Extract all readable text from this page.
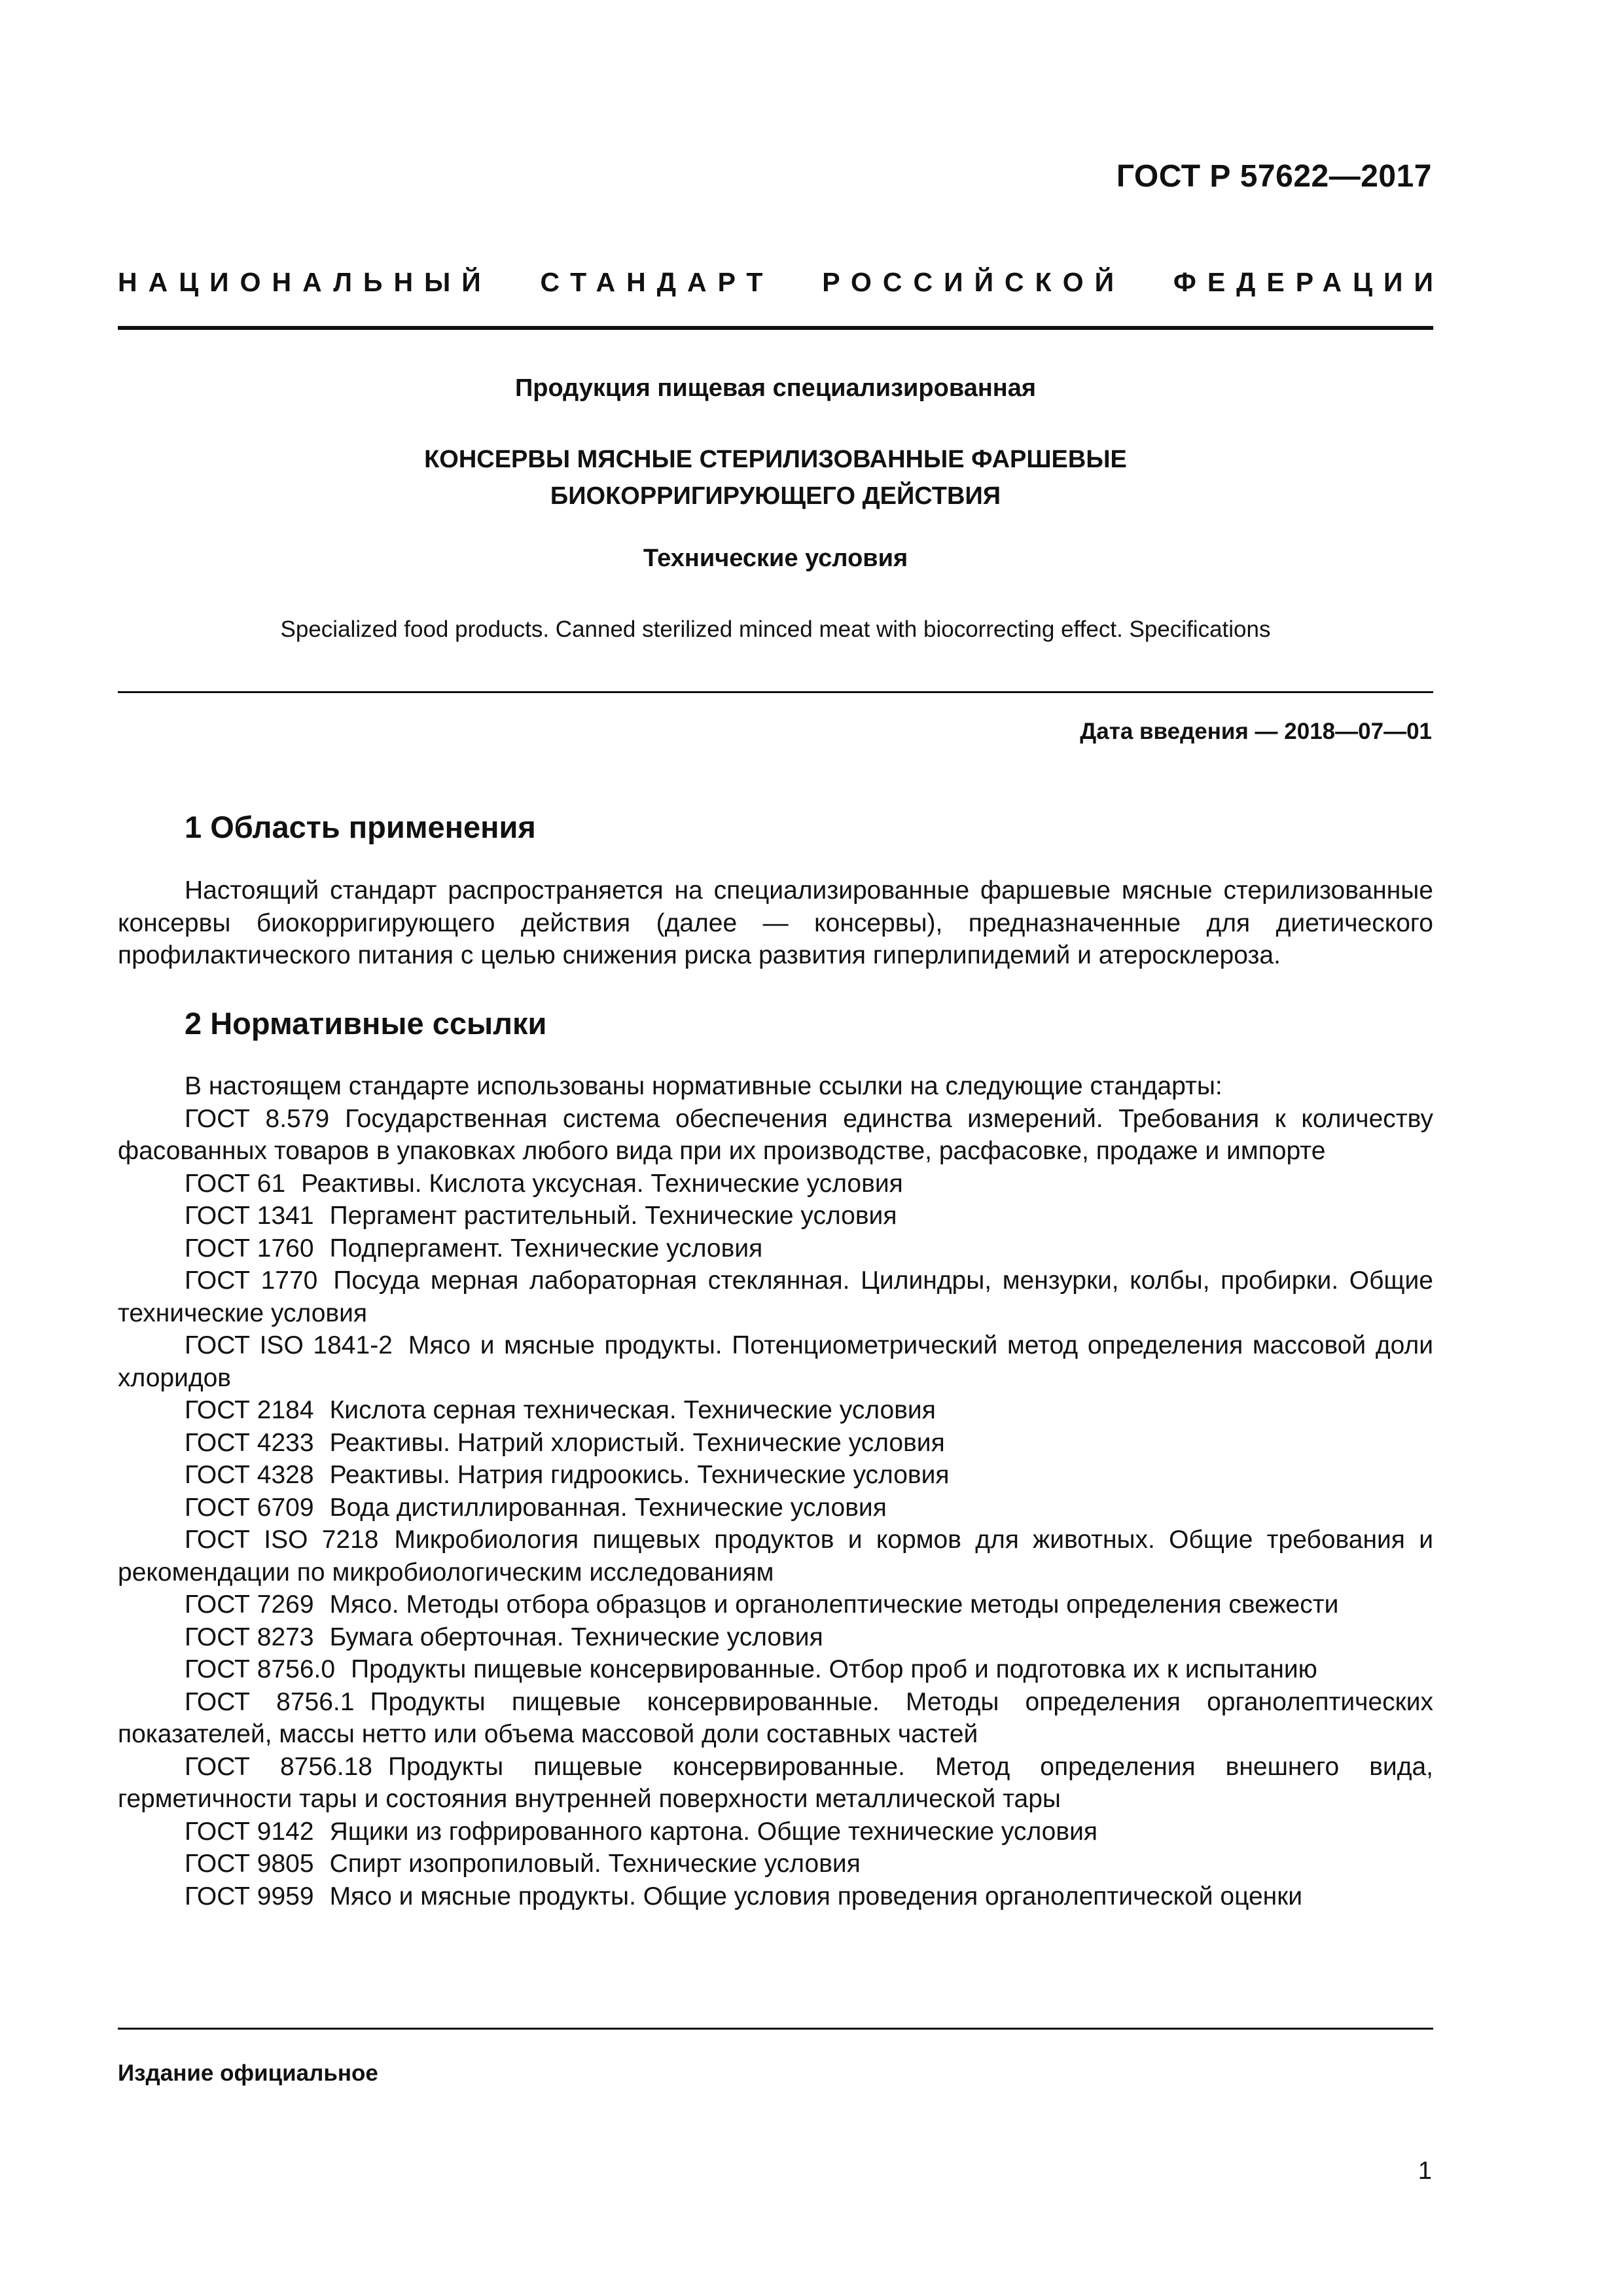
ГОСТ Р 57622—2017
НАЦИОНАЛЬНЫЙ СТАНДАРТ РОССИЙСКОЙ ФЕДЕРАЦИИ
Продукция пищевая специализированная
КОНСЕРВЫ МЯСНЫЕ СТЕРИЛИЗОВАННЫЕ ФАРШЕВЫЕ
БИОКОРРИГИРУЮЩЕГО ДЕЙСТВИЯ
Технические условия
Specialized food products. Canned sterilized minced meat with biocorrecting effect. Specifications
Дата введения — 2018—07—01
1 Область применения

Настоящий стандарт распространяется на специализированные фаршевые мясные стерилизованные консервы биокорригирующего действия (далее — консервы), предназначенные для диетического профилактического питания с целью снижения риска развития гиперлипидемий и атеросклероза.

2 Нормативные ссылки

В настоящем стандарте использованы нормативные ссылки на следующие стандарты:

ГОСТ 8.579 Государственная система обеспечения единства измерений. Требования к количеству фасованных товаров в упаковках любого вида при их производстве, расфасовке, продаже и импорте

ГОСТ 61 Реактивы. Кислота уксусная. Технические условия

ГОСТ 1341 Пергамент растительный. Технические условия

ГОСТ 1760 Подпергамент. Технические условия

ГОСТ 1770 Посуда мерная лабораторная стеклянная. Цилиндры, мензурки, колбы, пробирки. Общие технические условия

ГОСТ ISO 1841-2 Мясо и мясные продукты. Потенциометрический метод определения массовой доли хлоридов

ГОСТ 2184 Кислота серная техническая. Технические условия

ГОСТ 4233 Реактивы. Натрий хлористый. Технические условия

ГОСТ 4328 Реактивы. Натрия гидроокись. Технические условия

ГОСТ 6709 Вода дистиллированная. Технические условия

ГОСТ ISO 7218 Микробиология пищевых продуктов и кормов для животных. Общие требования и рекомендации по микробиологическим исследованиям

ГОСТ 7269 Мясо. Методы отбора образцов и органолептические методы определения свежести

ГОСТ 8273 Бумага оберточная. Технические условия

ГОСТ 8756.0 Продукты пищевые консервированные. Отбор проб и подготовка их к испытанию

ГОСТ 8756.1 Продукты пищевые консервированные. Методы определения органолептических показателей, массы нетто или объема массовой доли составных частей

ГОСТ 8756.18 Продукты пищевые консервированные. Метод определения внешнего вида, герметичности тары и состояния внутренней поверхности металлической тары

ГОСТ 9142 Ящики из гофрированного картона. Общие технические условия

ГОСТ 9805 Спирт изопропиловый. Технические условия

ГОСТ 9959 Мясо и мясные продукты. Общие условия проведения органолептической оценки

Издание официальное
1
